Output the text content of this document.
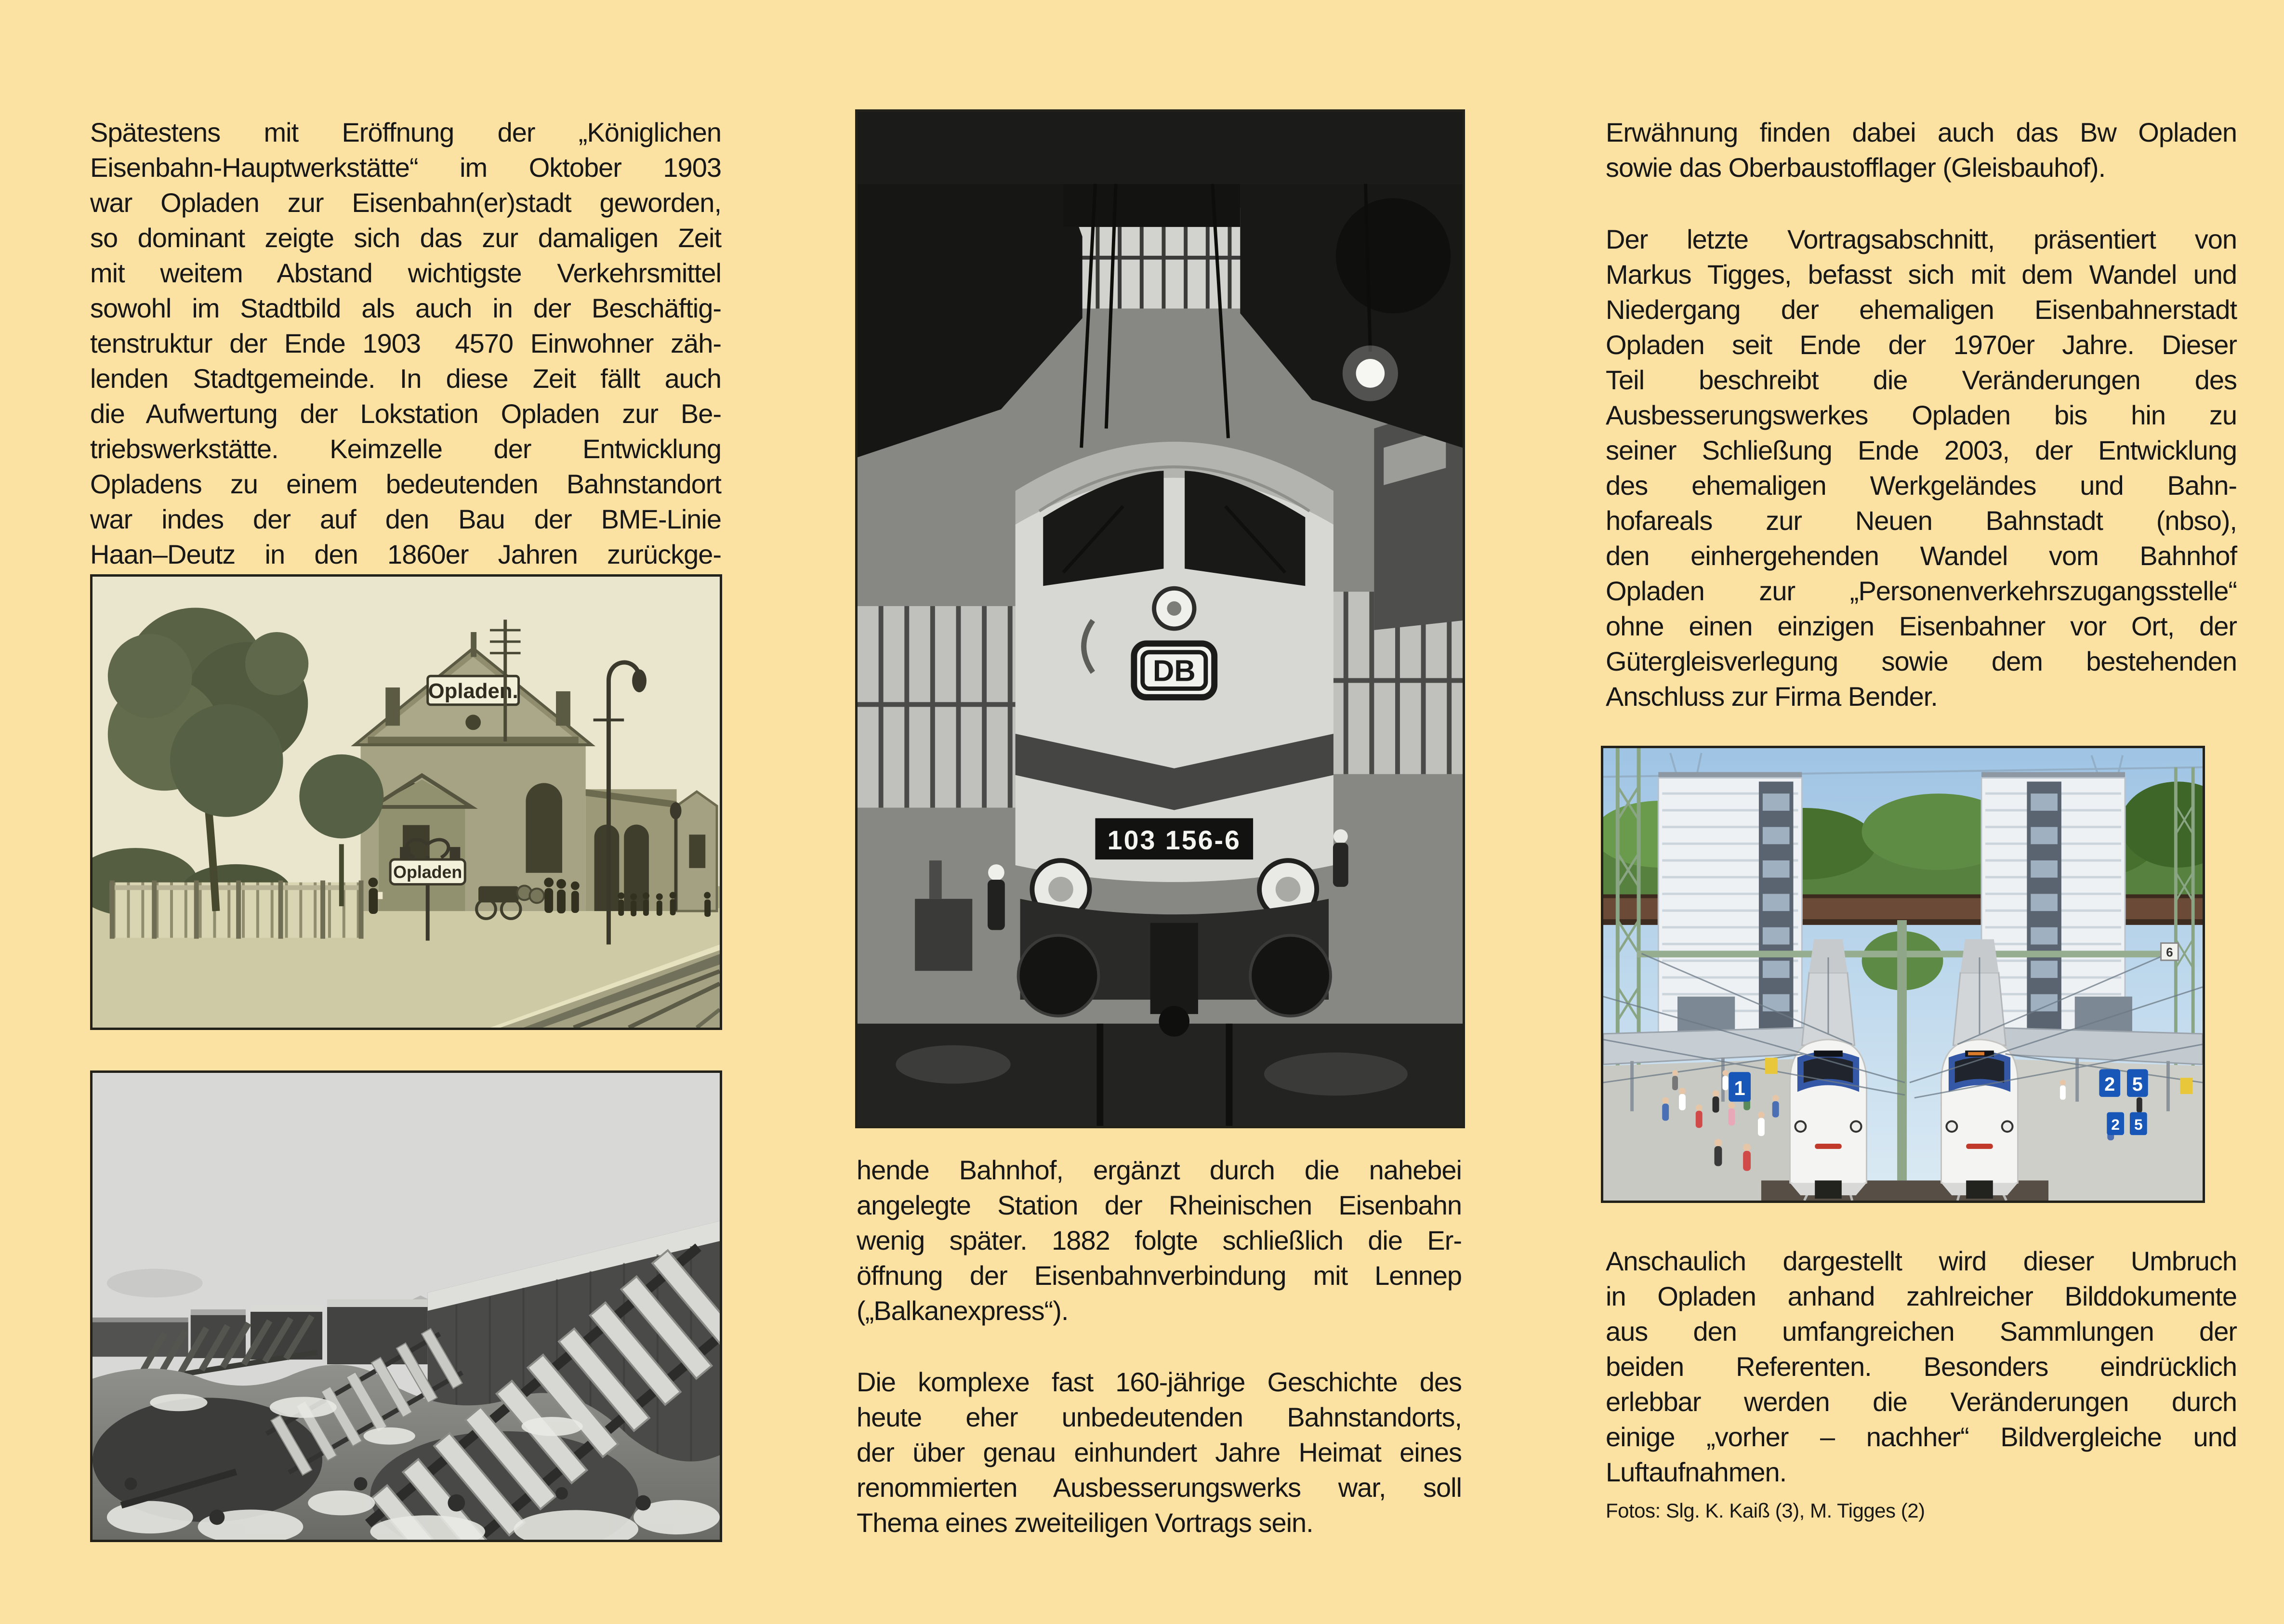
Spätestens mit Eröffnung der „Königlichen
Eisenbahn-Hauptwerkstätte“ im Oktober 1903
war Opladen zur Eisenbahn(er)stadt geworden,
so dominant zeigte sich das zur damaligen Zeit
mit weitem Abstand wichtigste Verkehrsmittel
sowohl im Stadtbild als auch in der Beschäftig-
tenstruktur der Ende 1903  4570 Einwohner zäh-
lenden Stadtgemeinde. In diese Zeit fällt auch
die Aufwertung der Lokstation Opladen zur Be-
triebswerkstätte. Keimzelle der Entwicklung
Opladens zu einem bedeutenden Bahnstandort
war indes der auf den Bau der BME-Linie
Haan–Deutz in den 1860er Jahren zurückge-
Opladen.
Opladen
DB
103 156-6
hende Bahnhof, ergänzt durch die nahebei
angelegte Station der Rheinischen Eisenbahn
wenig später. 1882 folgte schließlich die Er-
öffnung der Eisenbahnverbindung mit Lennep
(„Balkanexpress“).
Die komplexe fast 160-jährige Geschichte des
heute eher unbedeutenden Bahnstandorts,
der über genau einhundert Jahre Heimat eines
renommierten Ausbesserungswerks war, soll
Thema eines zweiteiligen Vortrags sein.
Erwähnung finden dabei auch das Bw Opladen
sowie das Oberbaustofflager (Gleisbauhof).
Der letzte Vortragsabschnitt, präsentiert von
Markus Tigges, befasst sich mit dem Wandel und
Niedergang der ehemaligen Eisenbahnerstadt
Opladen seit Ende der 1970er Jahre. Dieser
Teil beschreibt die Veränderungen des
Ausbesserungswerkes Opladen bis hin zu
seiner Schließung Ende 2003, der Entwicklung
des ehemaligen Werkgeländes und Bahn-
hofareals zur Neuen Bahnstadt (nbso),
den einhergehenden Wandel vom Bahnhof
Opladen zur „Personenverkehrszugangsstelle“
ohne einen einzigen Eisenbahner vor Ort, der
Gütergleisverlegung sowie dem bestehenden
Anschluss zur Firma Bender.
1	2 5
2 5
6
Anschaulich dargestellt wird dieser Umbruch
in Opladen anhand zahlreicher Bilddokumente
aus den umfangreichen Sammlungen der
beiden Referenten. Besonders eindrücklich
erlebbar werden die Veränderungen durch
einige „vorher – nachher“ Bildvergleiche und
Luftaufnahmen.
Fotos: Slg. K. Kaiß (3), M. Tigges (2)
